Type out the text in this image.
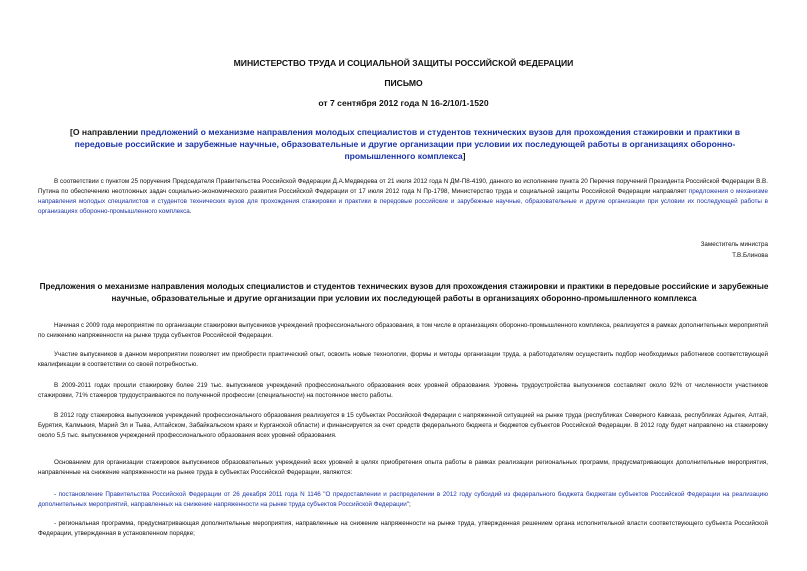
МИНИСТЕРСТВО ТРУДА И СОЦИАЛЬНОЙ ЗАЩИТЫ РОССИЙСКОЙ ФЕДЕРАЦИИ
ПИСЬМО
от 7 сентября 2012 года N 16-2/10/1-1520
[О направлении предложений о механизме направления молодых специалистов и студентов технических вузов для прохождения стажировки и практики в передовые российские и зарубежные научные, образовательные и другие организации при условии их последующей работы в организациях оборонно-промышленного комплекса]
В соответствии с пунктом 25 поручения Председателя Правительства Российской Федерации Д.А.Медведева от 21 июля 2012 года N ДМ-П8-4190, данного во исполнение пункта 20 Перечня поручений Президента Российской Федерации В.В. Путина по обеспечению неотложных задач социально-экономического развития Российской Федерации от 17 июля 2012 года N Пр-1798, Министерство труда и социальной защиты Российской Федерации направляет предложения о механизме направления молодых специалистов и студентов технических вузов для прохождения стажировки и практики в передовые российские и зарубежные научные, образовательные и другие организации при условии их последующей работы в организациях оборонно-промышленного комплекса.
Заместитель министра
Т.В.Блинова
Предложения о механизме направления молодых специалистов и студентов технических вузов для прохождения стажировки и практики в передовые российские и зарубежные научные, образовательные и другие организации при условии их последующей работы в организациях оборонно-промышленного комплекса
Начиная с 2009 года мероприятие по организации стажировки выпускников учреждений профессионального образования, в том числе в организациях оборонно-промышленного комплекса, реализуется в рамках дополнительных мероприятий по снижению напряженности на рынке труда субъектов Российской Федерации.
Участие выпускников в данном мероприятии позволяет им приобрести практический опыт, освоить новые технологии, формы и методы организации труда, а работодателям осуществить подбор необходимых работников соответствующей квалификации в соответствии со своей потребностью.
В 2009-2011 годах прошли стажировку более 219 тыс. выпускников учреждений профессионального образования всех уровней образования. Уровень трудоустройства выпускников составляет около 92% от численности участников стажировки, 71% стажеров трудоустраиваются по полученной профессии (специальности) на постоянное место работы.
В 2012 году стажировка выпускников учреждений профессионального образования реализуется в 15 субъектах Российской Федерации с напряженной ситуацией на рынке труда (республиках Северного Кавказа, республиках Адыгея, Алтай, Бурятия, Калмыкия, Марий Эл и Тыва, Алтайском, Забайкальском краях и Курганской области) и финансируется за счет средств федерального бюджета и бюджетов субъектов Российской Федерации. В 2012 году будет направлено на стажировку около 5,5 тыс. выпускников учреждений профессионального образования всех уровней образования.
Основанием для организации стажировок выпускников образовательных учреждений всех уровней в целях приобретения опыта работы в рамках реализации региональных программ, предусматривающих дополнительные мероприятия, направленные на снижение напряженности на рынке труда в субъектах Российской Федерации, являются:
- постановление Правительства Российской Федерации от 26 декабря 2011 года N 1146 "О предоставлении и распределении в 2012 году субсидий из федерального бюджета бюджетам субъектов Российской Федерации на реализацию дополнительных мероприятий, направленных на снижение напряженности на рынке труда субъектов Российской Федерации";
- региональная программа, предусматривающая дополнительные мероприятия, направленные на снижение напряженности на рынке труда, утвержденная решением органа исполнительной власти соответствующего субъекта Российской Федерации, утвержденная в установленном порядке;
